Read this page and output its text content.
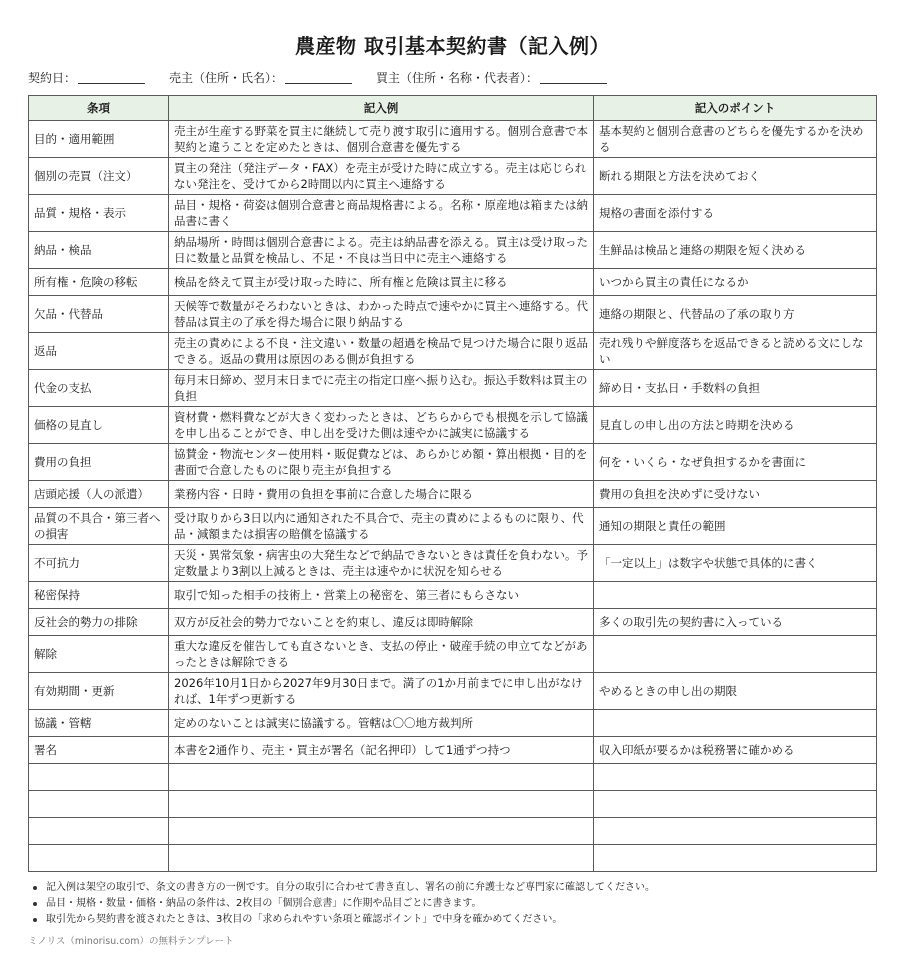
農産物 取引基本契約書（記入例）
契約日：	売主（住所・氏名）：	買主（住所・名称・代表者）：
条項	記入例	記入のポイント
目的・適用範囲	売主が生産する野菜を買主に継続して売り渡す取引に適用する。個別合意書で本契約と違うことを定めたときは、個別合意書を優先する	基本契約と個別合意書のどちらを優先するかを決める
個別の売買（注文）	買主の発注（発注データ・FAX）を売主が受けた時に成立する。売主は応じられない発注を、受けてから2時間以内に買主へ連絡する	断れる期限と方法を決めておく
品質・規格・表示	品目・規格・荷姿は個別合意書と商品規格書による。名称・原産地は箱または納品書に書く	規格の書面を添付する
納品・検品	納品場所・時間は個別合意書による。売主は納品書を添える。買主は受け取った日に数量と品質を検品し、不足・不良は当日中に売主へ連絡する	生鮮品は検品と連絡の期限を短く決める
所有権・危険の移転	検品を終えて買主が受け取った時に、所有権と危険は買主に移る	いつから買主の責任になるか
欠品・代替品	天候等で数量がそろわないときは、わかった時点で速やかに買主へ連絡する。代替品は買主の了承を得た場合に限り納品する	連絡の期限と、代替品の了承の取り方
返品	売主の責めによる不良・注文違い・数量の超過を検品で見つけた場合に限り返品できる。返品の費用は原因のある側が負担する	売れ残りや鮮度落ちを返品できると読める文にしない
代金の支払	毎月末日締め、翌月末日までに売主の指定口座へ振り込む。振込手数料は買主の負担	締め日・支払日・手数料の負担
価格の見直し	資材費・燃料費などが大きく変わったときは、どちらからでも根拠を示して協議を申し出ることができ、申し出を受けた側は速やかに誠実に協議する	見直しの申し出の方法と時期を決める
費用の負担	協賛金・物流センター使用料・販促費などは、あらかじめ額・算出根拠・目的を書面で合意したものに限り売主が負担する	何を・いくら・なぜ負担するかを書面に
店頭応援（人の派遣）	業務内容・日時・費用の負担を事前に合意した場合に限る	費用の負担を決めずに受けない
品質の不具合・第三者への損害	受け取りから3日以内に通知された不具合で、売主の責めによるものに限り、代品・減額または損害の賠償を協議する	通知の期限と責任の範囲
不可抗力	天災・異常気象・病害虫の大発生などで納品できないときは責任を負わない。予定数量より3割以上減るときは、売主は速やかに状況を知らせる	「一定以上」は数字や状態で具体的に書く
秘密保持	取引で知った相手の技術上・営業上の秘密を、第三者にもらさない	
反社会的勢力の排除	双方が反社会的勢力でないことを約束し、違反は即時解除	多くの取引先の契約書に入っている
解除	重大な違反を催告しても直さないとき、支払の停止・破産手続の申立てなどがあったときは解除できる	
有効期間・更新	2026年10月1日から2027年9月30日まで。満了の1か月前までに申し出がなければ、1年ずつ更新する	やめるときの申し出の期限
協議・管轄	定めのないことは誠実に協議する。管轄は〇〇地方裁判所	
署名	本書を2通作り、売主・買主が署名（記名押印）して1通ずつ持つ	収入印紙が要るかは税務署に確かめる

記入例は架空の取引で、条文の書き方の一例です。自分の取引に合わせて書き直し、署名の前に弁護士など専門家に確認してください。
品目・規格・数量・価格・納品の条件は、2枚目の「個別合意書」に作期や品目ごとに書きます。
取引先から契約書を渡されたときは、3枚目の「求められやすい条項と確認ポイント」で中身を確かめてください。
ミノリス（minorisu.com）の無料テンプレート
